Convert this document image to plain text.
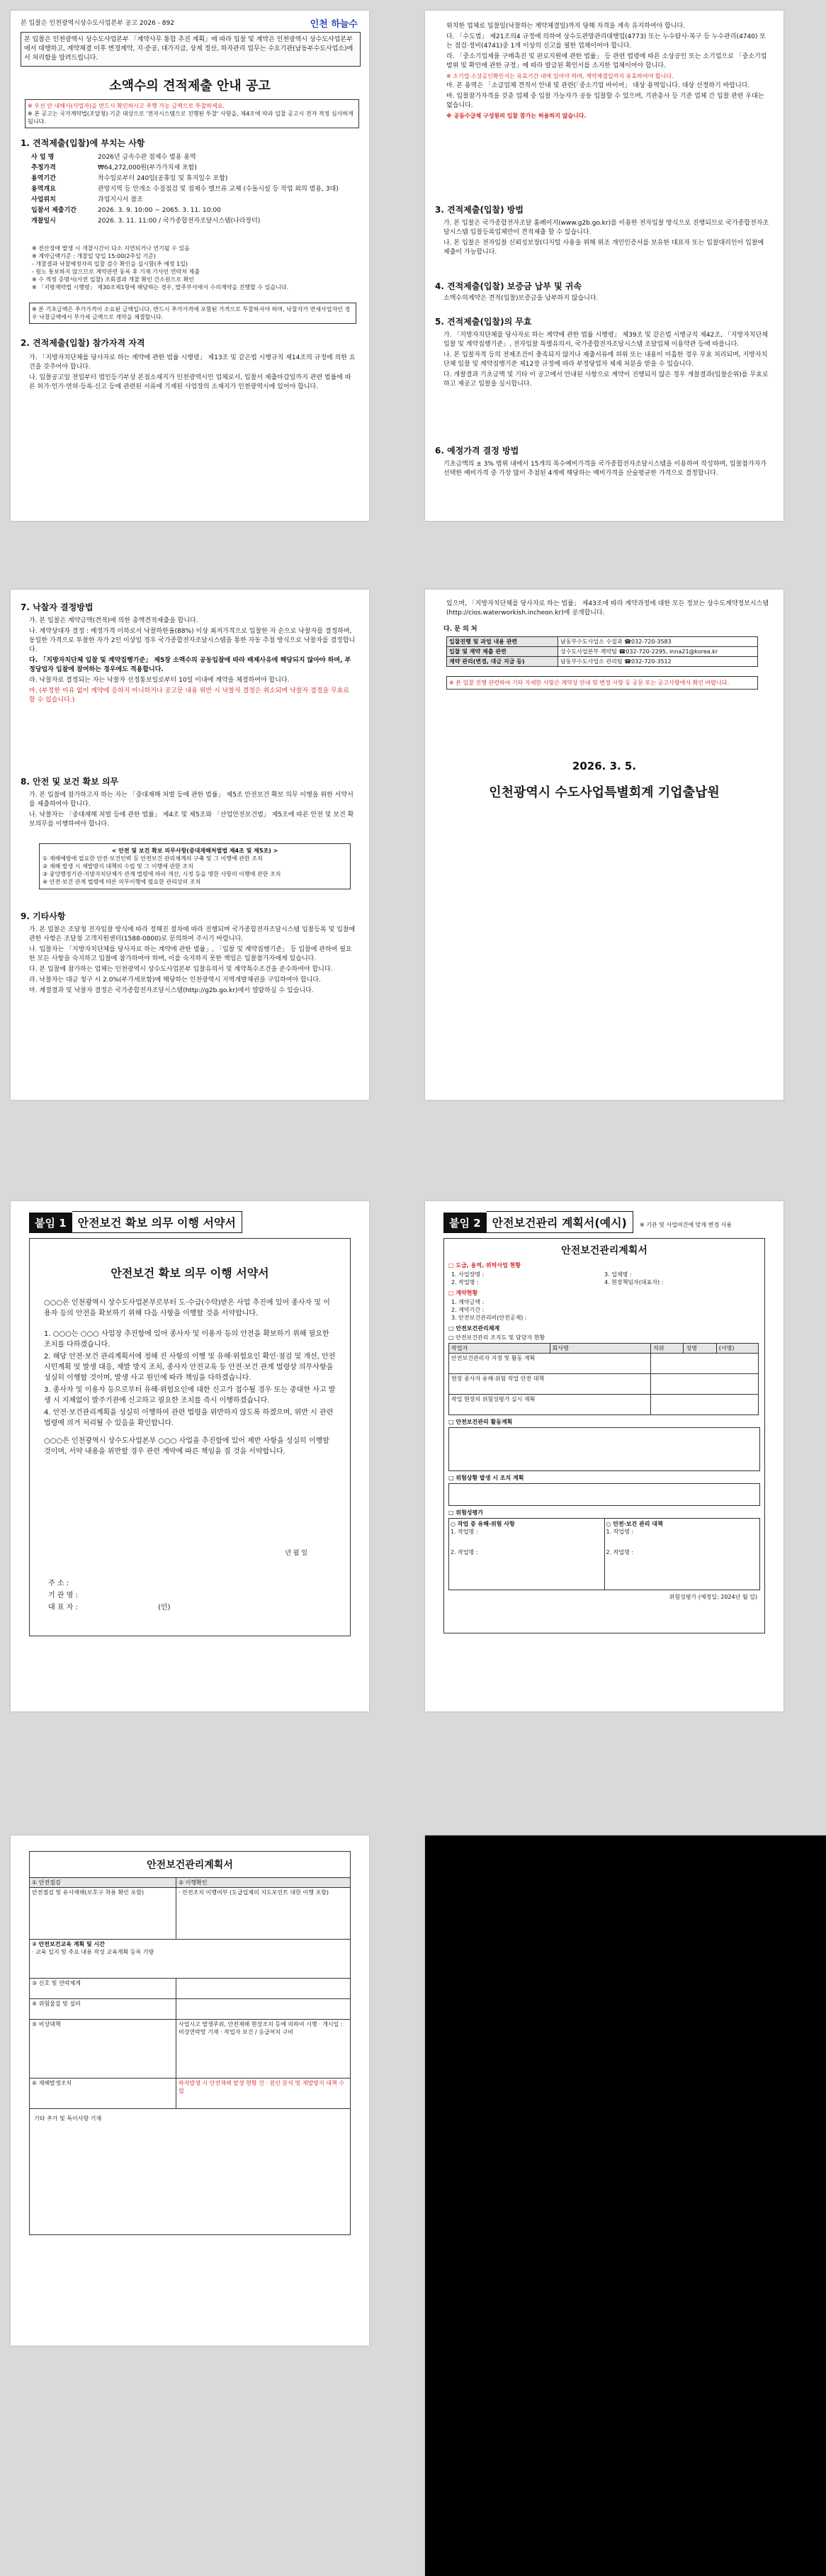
본 입찰은 인천광역시상수도사업본부 공고 2026 - 892	인천 하늘수
본 입찰은 인천광역시 상수도사업본부 「계약사무 통합 추진 계획」에 따라 입찰 및 계약은 인천광역시 상수도사업본부에서 대행하고, 계약체결 이후 변경계약, 지·준공, 대가지급, 상계 정산, 하자관리 업무는 수요기관(남동부수도사업소)에서 처리함을 알려드립니다.
소액수의 견적제출 안내 공고
※ 우선 안 내해서(사업자)을 반드시 확인하시고 주행 가능 금액으로 투찰하세요.
※ 본 공고는 국가계약법(조달청) 기준 대상으로 '전자시스템으로 진행된 투찰' 사항을, 제4조에 따라 입찰 공고시 전자 적정 심사하게 됩니다.
1. 견적제출(입찰)에 부치는 사항
사 업 명	2026년 금속수관 점제수 범용 용역
추정가격	₩64,272,000원(부가가치세 포함)
용역기간	착수일로부터 240일(공휴일 및 휴지일수 포함)
용역개요	관망지역 등 안개소 수질점검 및 점제수 밸브류 교체 (수돌시설 등 작업 외의 범용, 3대)
사업위치	과업지시서 참조
입찰서 제출기간	2026. 3. 9. 10:00 ~ 2065. 3. 11. 10:00
개찰일시	2026. 3. 11. 11:00 / 국가종합전자조달시스템(나라장터)
※ 전산장애 발생 시 개찰시간이 다소 지연되거나 연기될 수 있음
※ 계약금액기준 : 개찰일 당일 15:00(2주일 기준)
- 개찰결과 낙찰예정자의 입찰 검수 확인을 실시함(추 예정 1일)
- 원노 통보하지 않으므로 계약관련 동록 후 기재 기사인 연락처 제출
※ 수 적정 증명서(사전 입찰) 조회결과 개찰 확인 간소원으로 확인
※ 「지방계약법 시행령」 제30조제1항에 해당하는 경우, 발주부서에서 수의계약을 진행할 수 있습니다.
※ 본 기초금액은 추가가격이 소요된 금액입니다. 반드시 추가가격에 포함된 가격으로 투찰하셔야 하며, 낙찰자가 면세사업자인 경우 낙찰금액에서 부가세 금액으로 계약을 체결합니다.
2. 견적제출(입찰) 참가자격 자격
가. 「지방자치단체를 당사자로 하는 계약에 관한 법률 시행령」 제13조 및 같은법 시행규칙 제14조의 규정에 의한 요건을 갖추어야 합니다.
나. 입찰공고일 전일부터 법인등기부상 본점소재지가 인천광역시인 업체로서, 입찰서 제출마감일까지 관련 법률에 따른 허가·인가·면허·등록·신고 등에 관련된 서류에 기재된 사업장의 소재지가 인천광역시에 있어야 합니다.
위치한 업체로 입찰일(낙찰하는 계약체결일)까지 당해 자격을 계속 유지하여야 합니다.
다. 「수도법」 제21조의4 규정에 의하여 상수도관망관리대행업(4773) 또는 누수탐사·복구 등 누수관리(4740) 또는 점검·정비(4741)중 1개 이상의 신고를 필한 업체이어야 합니다.
라. 「중소기업제품 구매촉진 및 판로지원에 관한 법률」 등 관련 법령에 따른 소상공인 또는 소기업으로 「중소기업 범위 및 확인에 관한 규정」에 따라 발급된 확인서를 소지한 업체이어야 합니다.
※ 소기업·소상공인확인서는 유효기간 내에 있어야 하며, 계약체결일까지 유효하여야 합니다.
마. 본 용역은 「소급업체 견적서 안내 및 관련(「중소기업 바이어」 대상 용역입니다. 대상 선정하기 바랍니다.
바. 입찰참가자격을 갖춘 업체 중 입찰 가능자가 공동 입찰할 수 있으며, 기관총사 등 기준 업체 간 입찰 관련 우대는 없습니다.
※ 공동수급체 구성원의 입찰 참가는 허용하지 않습니다.
3. 견적제출(입찰) 방법
가. 본 입찰은 국가종합전자조달 홈페이지(www.g2b.go.kr)를 이용한 전자입찰 방식으로 진행되므로 국가종합전자조달시스템 입찰등록업체만이 견적제출 할 수 있습니다.
나. 본 입찰은 전자입찰 신뢰성보장(디지털 사용을 위해 위조 개인인증서를 보유한 대표자 또는 입찰대리인이 입찰에 제출이 가능합니다.
4. 견적제출(입찰) 보증금 납부 및 귀속
소액수의계약은 견적(입찰)보증금을 납부하지 않습니다.
5. 견적제출(입찰)의 무효
가. 「지방자치단체를 당사자로 하는 계약에 관한 법률 시행령」 제39조 및 같은법 시행규칙 제42조, 「지방자치단체 입찰 및 계약집행기준」, 전자입찰 특별유의서, 국가종합전자조달시스템 조달업체 이용약관 등에 따릅니다.
나. 본 입찰자격 등의 전제조건이 충족되지 않거나 제출서류에 허위 또는 내용이 미흡한 경우 무효 처리되며, 지방자치단체 입찰 및 계약집행기준 제12장 규정에 따라 부정당업자 제재 처분을 받을 수 있습니다.
다. 개찰결과 기초금액 및 기타 이 공고에서 안내된 사항으로 계약이 진행되지 않은 경우 개찰결과(입찰순위)를 무효로 하고 재공고 입찰을 실시합니다.
6. 예정가격 결정 방법
기초금액의 ± 3% 범위 내에서 15개의 복수예비가격을 국가종합전자조달시스템을 이용하여 작성하며, 입찰참가자가 선택한 예비가격 중 가장 많이 추첨된 4개에 해당하는 예비가격을 산술평균한 가격으로 결정합니다.
7. 낙찰자 결정방법
가. 본 입찰은 계약금액(견적)에 의한 총액견적제출을 합니다.
나. 계약상대자 결정 : 예정가격 이하로서 낙찰하한율(88%) 이상 최저가격으로 입찰한 자 순으로 낙찰자를 결정하며, 동일한 가격으로 투찰한 자가 2인 이상일 경우 국가종합전자조달시스템을 통한 자동 추첨 방식으로 낙찰자를 결정합니다.
다. 「지방자치단체 입찰 및 계약집행기준」 제5장 소액수의 공동입찰에 따라 배제사유에 해당되지 않아야 하며, 부정당업자 입찰에 참여하는 경우에도 적용합니다.
라. 낙찰자로 결정되는 자는 낙찰자 선정통보일로부터 10일 이내에 계약을 체결하여야 합니다.
마. (부정한 이유 없이 계약에 응하지 아니하거나 공고문 내용 위반 시 낙찰자 결정은 취소되며 낙찰자 결정을 무효로 할 수 있습니다.)
8. 안전 및 보건 확보 의무
가. 본 입찰에 참가하고자 하는 자는 「중대재해 처벌 등에 관한 법률」 제5조 안전보건 확보 의무 이행을 위한 서약서를 제출하여야 합니다.
나. 낙찰자는 「중대재해 처벌 등에 관한 법률」 제4조 및 제5조와 「산업안전보건법」 제5조에 따른 안전 및 보건 확보의무를 이행하여야 합니다.
< 안전 및 보건 확보 의무사항(중대재해처벌법 제4조 및 제5조) >
① 재해예방에 필요한 안전·보건인력 등 안전보건 관리체계의 구축 및 그 이행에 관한 조치
② 재해 발생 시 재발방지 대책의 수립 및 그 이행에 관한 조치
③ 중앙행정기관·지방자치단체가 관계 법령에 따라 개선, 시정 등을 명한 사항의 이행에 관한 조치
④ 안전·보건 관계 법령에 따른 의무이행에 필요한 관리상의 조치
9. 기타사항
가. 본 입찰은 조달청 전자입찰 방식에 따라 정해진 절차에 따라 진행되며 국가종합전자조달시스템 입찰등록 및 입찰에 관한 사항은 조달청 고객지원센터(1588-0800)로 문의하여 주시기 바랍니다.
나. 입찰자는 「지방자치단체를 당사자로 하는 계약에 관한 법률」, 「입찰 및 계약집행기준」 등 입찰에 관하여 필요한 모든 사항을 숙지하고 입찰에 참가하여야 하며, 이를 숙지하지 못한 책임은 입찰참가자에게 있습니다.
다. 본 입찰에 참가하는 업체는 인천광역시 상수도사업본부 입찰유의서 및 계약특수조건을 준수하여야 합니다.
라. 낙찰자는 대금 청구 시 2.0%(부가세포함)에 해당하는 인천광역시 지역개발채권을 구입하여야 합니다.
마. 계절결과 및 낙찰자 결정은 국가종합전자조달시스템(http://g2b.go.kr)에서 열람하실 수 있습니다.
있으며, 「지방자치단체를 당사자로 하는 법률」 제43조에 따라 계약과정에 대한 모든 정보는 상수도계약정보시스템(http://cios.waterworkish.incheon.kr)에 공개합니다.
다. 문 의 처
입찰진행 및 과업 내용 관련	남동부수도사업소 수질과 ☎032-720-3583
입찰 및 계약 제출 관련	상수도사업본부 계약팀 ☎032-720-2295, inna21@korea.kr
계약 관리(변경, 대금 지급 등)	남동부수도사업소 관리팀 ☎032-720-3512
※ 본 입찰 진행 관련하여 기타 자세한 사항은 계약상 안내 및 변경 사항 등 공문 또는 공고사항에서 확인 바랍니다.
2026. 3. 5.
인천광역시 수도사업특별회계 기업출납원
붙임 1 안전보건 확보 의무 이행 서약서
안전보건 확보 의무 이행 서약서
○○○은 인천광역시 상수도사업본부로부터 도·수급(수탁)받은 사업 추진에 있어 종사자 및 이용자 등의 안전을 확보하기 위해 다음 사항을 이행할 것을 서약합니다.
1. ○○○는 ○○○ 사업장 추진함에 있어 종사자 및 이용자 등의 안전을 확보하기 위해 필요한 조치를 다하겠습니다.
2. 해당 안전·보건 관리계획서에 정해 진 사항의 이행 및 유해·위험요인 확인·점검 및 개선, 안전 시민계획 및 발생 대응, 재발 방지 조치, 종사자 안전교육 등 안전·보건 관계 법령상 의무사항을 성실히 이행할 것이며, 발생 사고 원인에 따라 책임을 다하겠습니다.
3. 종사자 및 이용자 등으로부터 유해·위험요인에 대한 신고가 접수될 경우 또는 중대한 사고 발생 시 지체없이 발주기관에 신고하고 필요한 조치를 즉시 이행하겠습니다.
4. 안전·보건관리계획을 성실히 이행하여 관련 법령을 위반하지 않도록 하겠으며, 위반 시 관련법령에 의거 처리될 수 있음을 확인합니다.
○○○은 인천광역시 상수도사업본부 ○○○ 사업을 추진함에 있어 제반 사항을 성실히 이행할 것이며, 서약 내용을 위반할 경우 관련 계약에 따른 책임을 질 것을 서약합니다.
년 월 일
주 소 :
기 관 명 :
대 표 자 :	(인)
붙임 2 안전보건관리 계획서(예시) ※ 기관 및 사업여건에 맞게 변경 사용
안전보건관리계획서
□ 도급, 용역, 위탁사업 현황
1. 사업장명 :	3. 업체명 :
2. 작업명 :	4. 현장책임자(대표자) :
□ 계약현황
1. 계약금액 :
2. 계약기간 :
3. 안전보건관리비(안전공제) :
□ 안전보건관리체계
□ 안전보건관리 조직도 및 담당자 현황
작업자	회사명	직위	성명	(서명)
안전보건관리자 지정 및 활동 계획				
현장 종사자 유해·위험 작업 안전 대책				
작업 현장의 위험성평가 실시 계획				
□ 안전보건관리 활동계획
□ 위험상황 발생 시 조치 계획
□ 위험성평가
○ 작업 중 유해·위험 사항
1. 작업명 :
2. 작업명 :
○ 안전·보건 관리 대책
1. 작업명 :
2. 작업명 :
위험성평가 (예정일: 2024년 월 일)
안전보건관리계획서
① 안전점검	② 이행확인
안전점검 및 유사재해(보호구 착용 확인 포함)	· 안전조치 이행여부 (도급업체의 지도포인트 대한 이행 포함)

② 안전보건교육 계획 및 시간
· 교육 일지 및 주요 내용 작성 교육계획 등록 기방	

③ 신호 및 연락체계	
④ 위험물질 및 설비	
⑤ 비상대책	사업시고 발생주위, 안전재해 현장조치 등에 의하여 시행 · 개시일 : 비상연락망 기재 · 작업자 보건 / 응급처치 구비
⑥ 재해발생조치	하자발생 시 안전재해 발생 현황 건 · 원인 분석 및 재발방지 대책 수립
기타 추가 및 특이사항 기재
